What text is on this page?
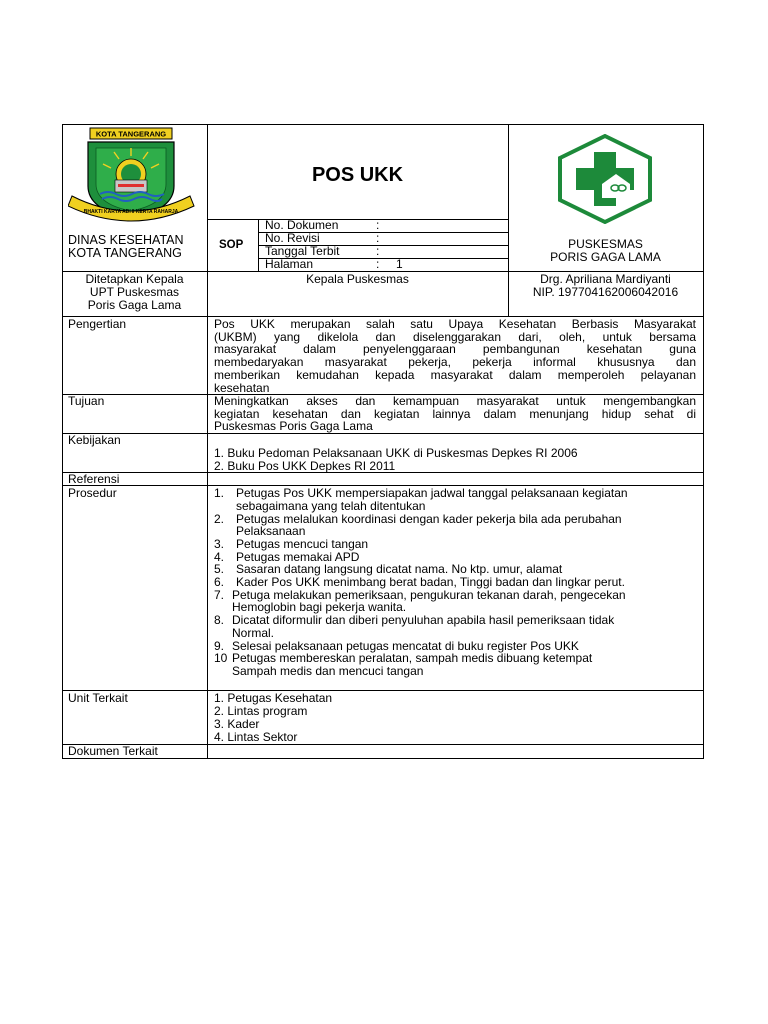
KOTA TANGERANG
BHAKTI KARYA ADHI KERTA RAHARJA
DINAS KESEHATAN
KOTA TANGERANG
POS UKK
SOP
No. Dokumen	:
No. Revisi	:
Tanggal Terbit	:
Halaman	: 1
PUSKESMAS
PORIS GAGA LAMA
Ditetapkan Kepala
UPT Puskesmas
Poris Gaga Lama
Kepala Puskesmas	Drg. Apriliana Mardiyanti
NIP. 197704162006042016
Pengertian	Pos UKK merupakan salah satu Upaya Kesehatan Berbasis Masyarakat
(UKBM) yang dikelola dan diselenggarakan dari, oleh, untuk bersama
masyarakat dalam penyelenggaraan pembangunan kesehatan guna
membedaryakan masyarakat pekerja, pekerja informal khususnya dan
memberikan kemudahan kepada masyarakat dalam memperoleh pelayanan
kesehatan
Tujuan	Meningkatkan akses dan kemampuan masyarakat untuk mengembangkan
kegiatan kesehatan dan kegiatan lainnya dalam menunjang hidup sehat di
Puskesmas Poris Gaga Lama
Kebijakan
1. Buku Pedoman Pelaksanaan UKK di Puskesmas Depkes RI 2006
2. Buku Pos UKK Depkes RI 2011
Referensi
Prosedur	1. Petugas Pos UKK mempersiapakan jadwal tanggal pelaksanaan kegiatan
sebagaimana yang telah ditentukan
2. Petugas melalukan koordinasi dengan kader pekerja bila ada perubahan
Pelaksanaan
3. Petugas mencuci tangan
4. Petugas memakai APD
5. Sasaran datang langsung dicatat nama. No ktp. umur, alamat
6. Kader Pos UKK menimbang berat badan, Tinggi badan dan lingkar perut.
7. Petuga melakukan pemeriksaan, pengukuran tekanan darah, pengecekan
Hemoglobin bagi pekerja wanita.
8. Dicatat diformulir dan diberi penyuluhan apabila hasil pemeriksaan tidak
Normal.
9. Selesai pelaksanaan petugas mencatat di buku register Pos UKK
10 Petugas membereskan peralatan, sampah medis dibuang ketempat
Sampah medis dan mencuci tangan
Unit Terkait	1. Petugas Kesehatan
2. Lintas program
3. Kader
4. Lintas Sektor
Dokumen Terkait
